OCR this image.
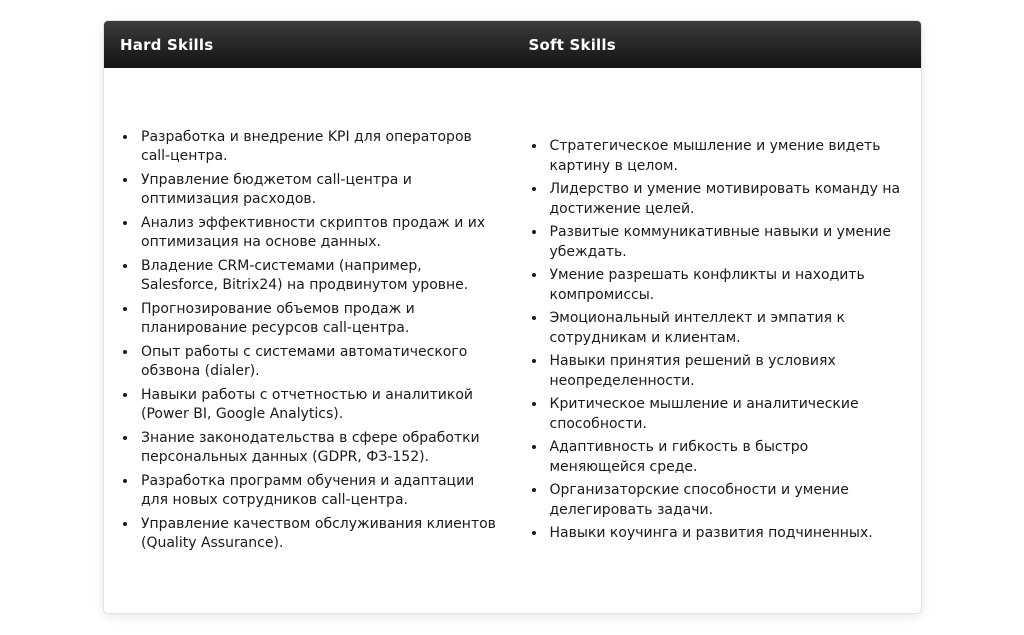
Hard Skills	Soft Skills

• Разработка и внедрение KPI для операторов call-центра.
• Управление бюджетом call-центра и оптимизация расходов.
• Анализ эффективности скриптов продаж и их оптимизация на основе данных.
• Владение CRM-системами (например, Salesforce, Bitrix24) на продвинутом уровне.
• Прогнозирование объемов продаж и планирование ресурсов call-центра.
• Опыт работы с системами автоматического обзвона (dialer).
• Навыки работы с отчетностью и аналитикой (Power BI, Google Analytics).
• Знание законодательства в сфере обработки персональных данных (GDPR, ФЗ-152).
• Разработка программ обучения и адаптации для новых сотрудников call-центра.
• Управление качеством обслуживания клиентов (Quality Assurance).

• Стратегическое мышление и умение видеть картину в целом.
• Лидерство и умение мотивировать команду на достижение целей.
• Развитые коммуникативные навыки и умение убеждать.
• Умение разрешать конфликты и находить компромиссы.
• Эмоциональный интеллект и эмпатия к сотрудникам и клиентам.
• Навыки принятия решений в условиях неопределенности.
• Критическое мышление и аналитические способности.
• Адаптивность и гибкость в быстро меняющейся среде.
• Организаторские способности и умение делегировать задачи.
• Навыки коучинга и развития подчиненных.
